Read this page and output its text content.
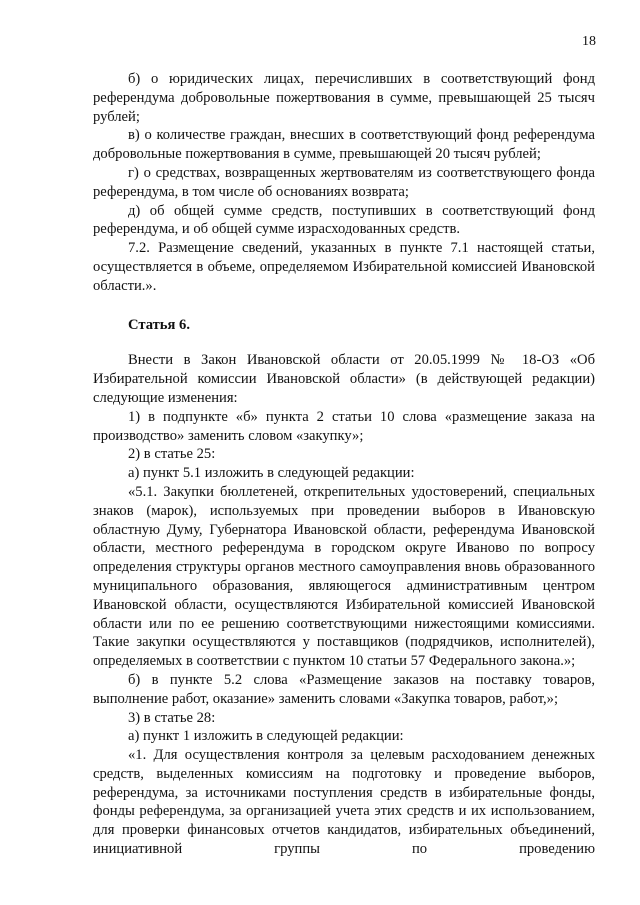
18

б) о юридических лицах, перечисливших в соответствующий фонд референдума добровольные пожертвования в сумме, превышающей 25 тысяч рублей;

в) о количестве граждан, внесших в соответствующий фонд референдума добровольные пожертвования в сумме, превышающей 20 тысяч рублей;

г) о средствах, возвращенных жертвователям из соответствующего фонда референдума, в том числе об основаниях возврата;

д) об общей сумме средств, поступивших в соответствующий фонд референдума, и об общей сумме израсходованных средств.

7.2. Размещение сведений, указанных в пункте 7.1 настоящей статьи, осуществляется в объеме, определяемом Избирательной комиссией Ивановской области.».

Статья 6.

Внести в Закон Ивановской области от 20.05.1999 № 18-ОЗ «Об Избирательной комиссии Ивановской области» (в действующей редакции) следующие изменения:

1) в подпункте «б» пункта 2 статьи 10 слова «размещение заказа на производство» заменить словом «закупку»;

2) в статье 25:

а) пункт 5.1 изложить в следующей редакции:

«5.1. Закупки бюллетеней, открепительных удостоверений, специальных знаков (марок), используемых при проведении выборов в Ивановскую областную Думу, Губернатора Ивановской области, референдума Ивановской области, местного референдума в городском округе Иваново по вопросу определения структуры органов местного самоуправления вновь образованного муниципального образования, являющегося административным центром Ивановской области, осуществляются Избирательной комиссией Ивановской области или по ее решению соответствующими нижестоящими комиссиями. Такие закупки осуществляются у поставщиков (подрядчиков, исполнителей), определяемых в соответствии с пунктом 10 статьи 57 Федерального закона.»;

б) в пункте 5.2 слова «Размещение заказов на поставку товаров, выполнение работ, оказание» заменить словами «Закупка товаров, работ,»;

3) в статье 28:

а) пункт 1 изложить в следующей редакции:

«1. Для осуществления контроля за целевым расходованием денежных средств, выделенных комиссиям на подготовку и проведение выборов, референдума, за источниками поступления средств в избирательные фонды, фонды референдума, за организацией учета этих средств и их использованием, для проверки финансовых отчетов кандидатов, избирательных объединений, инициативной группы по проведению
